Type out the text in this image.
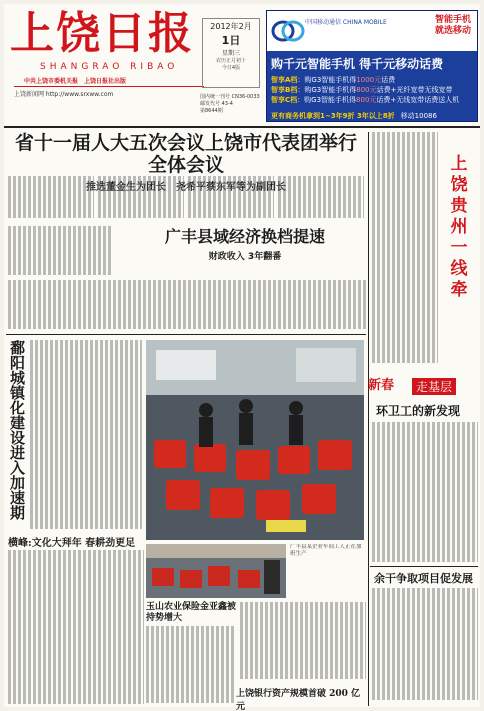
上饶日报
SHANGRAO RIBAO
中共上饶市委机关报　上饶日报社出版
上饶新闻网 http://www.srxww.com
2012年2月
1日
星期三
农历正月初十
今日4版
国内统一刊号 CN36-0033
邮发代号 43-4
第8644期
中国移动通信 CHINA MOBILE	智能手机
就选移动
购千元智能手机 得千元移动话费
智享A档：购G3智能手机得1000元话费
智享B档：购G3智能手机得800元话费+光纤宽带无线宽带
智享C档：购G3智能手机得800元话费+无线宽带话费送人机
更有商务机拿到1~3年9折 3年以上8折 移动10086
省十一届人大五次会议上饶市代表团举行全体会议
推选董金生为团长　尧希平蔡东军等为副团长
广丰县域经济换档提速
财政收入 3年翻番
鄱阳城镇化建设进入加速期
广丰县某企业车间工人正在加班生产
横峰:文化大拜年 春耕劲更足
玉山农业保险金亚鑫被持势增大
上饶银行资产规模首破 200 亿元
上
饶
贵
州
一
线
牵
新春	走基层
环卫工的新发现
余干争取项目促发展
